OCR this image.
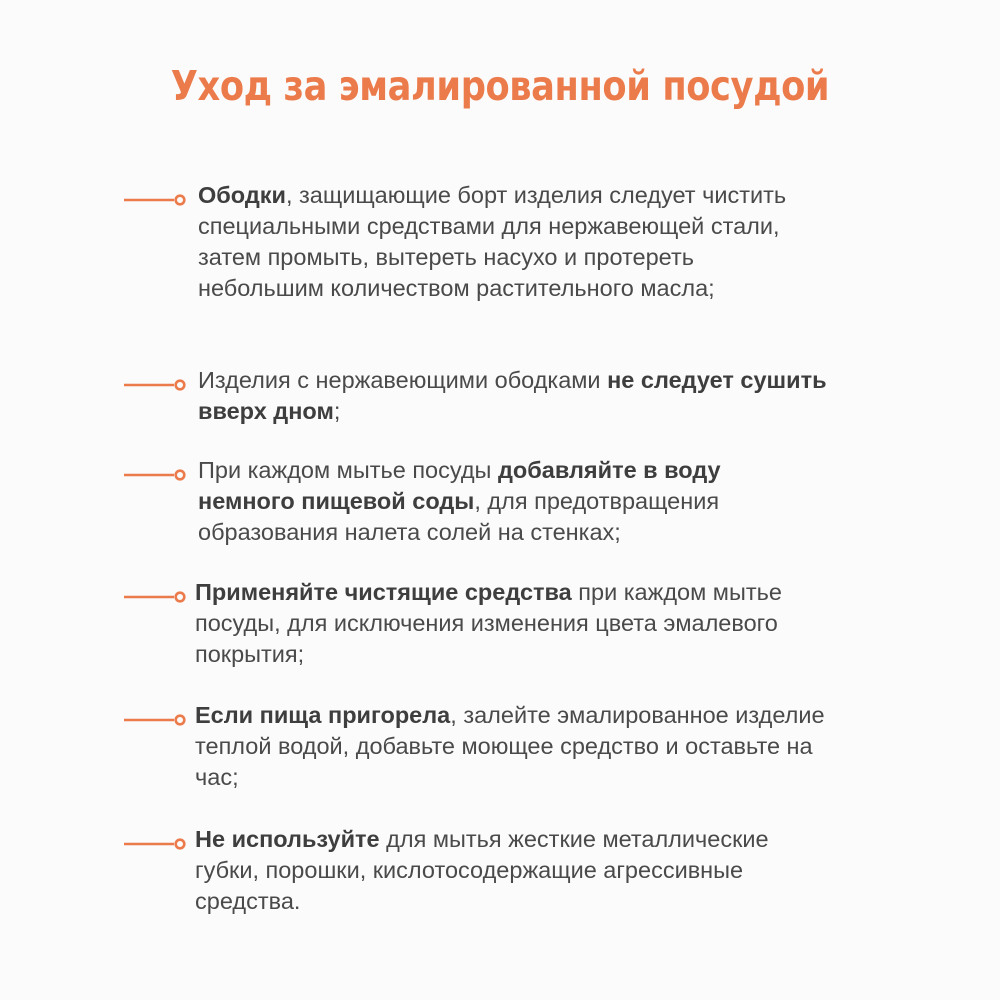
Уход за эмалированной посудой
Ободки, защищающие борт изделия следует чистить специальными средствами для нержавеющей стали, затем промыть, вытереть насухо и протереть небольшим количеством растительного масла;
Изделия с нержавеющими ободками не следует сушить вверх дном;
При каждом мытье посуды добавляйте в воду немного пищевой соды, для предотвращения образования налета солей на стенках;
Применяйте чистящие средства при каждом мытье посуды, для исключения изменения цвета эмалевого покрытия;
Если пища пригорела, залейте эмалированное изделие теплой водой, добавьте моющее средство и оставьте на час;
Не используйте для мытья жесткие металлические губки, порошки, кислотосодержащие агрессивные средства.
